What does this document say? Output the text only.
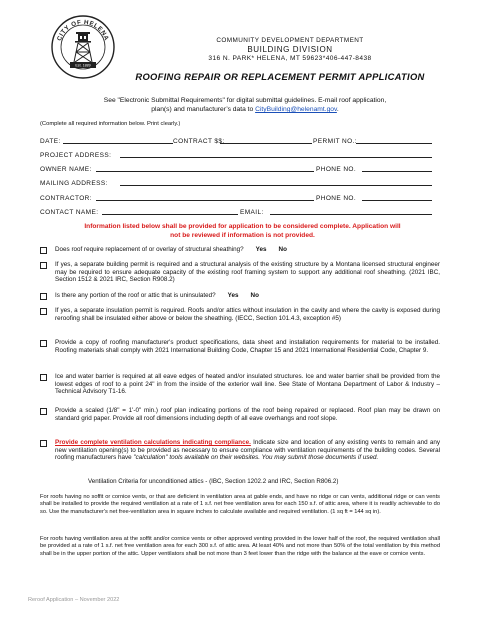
CITY OF HELENA
Est. 1889
COMMUNITY DEVELOPMENT DEPARTMENT
BUILDING DIVISION
316 N. PARK* HELENA, MT 59623*406-447-8438
ROOFING REPAIR OR REPLACEMENT PERMIT APPLICATION
See "Electronic Submittal Requirements" for digital submittal guidelines. E-mail roof application,
plan(s) and manufacturer’s data to CityBuilding@helenamt.gov.
(Complete all required information below. Print clearly.)
DATE:	CONTRACT $$:	PERMIT NO.:
PROJECT ADDRESS:
OWNER NAME:	PHONE NO.
MAILING ADDRESS:
CONTRACTOR:	PHONE NO.
CONTACT NAME:	EMAIL:
Information listed below shall be provided for application to be considered complete. Application will
not be reviewed if information is not provided.
Does roof require replacement of or overlay of structural sheathing? Yes No
If yes, a separate building permit is required and a structural analysis of the existing structure by a Montana licensed structural engineer may be required to ensure adequate capacity of the existing roof framing system to support any additional roof sheathing. (2021 IBC, Section 1512 & 2021 IRC, Section R908.2)
Is there any portion of the roof or attic that is uninsulated? Yes No
If yes, a separate insulation permit is required. Roofs and/or attics without insulation in the cavity and where the cavity is exposed during reroofing shall be insulated either above or below the sheathing. (IECC, Section 101.4.3, exception #5)
Provide a copy of roofing manufacturer's product specifications, data sheet and installation requirements for material to be installed. Roofing materials shall comply with 2021 International Building Code, Chapter 15 and 2021 International Residential Code, Chapter 9.
Ice and water barrier is required at all eave edges of heated and/or insulated structures. Ice and water barrier shall be provided from the lowest edges of roof to a point 24" in from the inside of the exterior wall line. See State of Montana Department of Labor & Industry – Technical Advisory T1-16.
Provide a scaled (1/8" = 1'-0" min.) roof plan indicating portions of the roof being repaired or replaced. Roof plan may be drawn on standard grid paper. Provide all roof dimensions including depth of all eave overhangs and roof slope.
Provide complete ventilation calculations indicating compliance. Indicate size and location of any existing vents to remain and any new ventilation opening(s) to be provided as necessary to ensure compliance with ventilation requirements of the building codes. Several roofing manufacturers have "calculation" tools available on their websites. You may submit those documents if used.
Ventilation Criteria for unconditioned attics - (IBC, Section 1202.2 and IRC, Section R806.2)
For roofs having no soffit or cornice vents, or that are deficient in ventilation area at gable ends, and have no ridge or can vents, additional ridge or can vents shall be installed to provide the required ventilation at a rate of 1 s.f. net free ventilation area for each 150 s.f. of attic area, where it is readily achievable to do so. Use the manufacturer's net free-ventilation area in square inches to calculate available and required ventilation. (1 sq ft = 144 sq in).
For roofs having ventilation area at the soffit and/or cornice vents or other approved venting provided in the lower half of the roof, the required ventilation shall be provided at a rate of 1 s.f. net free ventilation area for each 300 s.f. of attic area. At least 40% and not more than 50% of the total ventilation by this method shall be in the upper portion of the attic. Upper ventilators shall be not more than 3 feet lower than the ridge with the balance at the eave or cornice vents.
Reroof Application – November 2022
